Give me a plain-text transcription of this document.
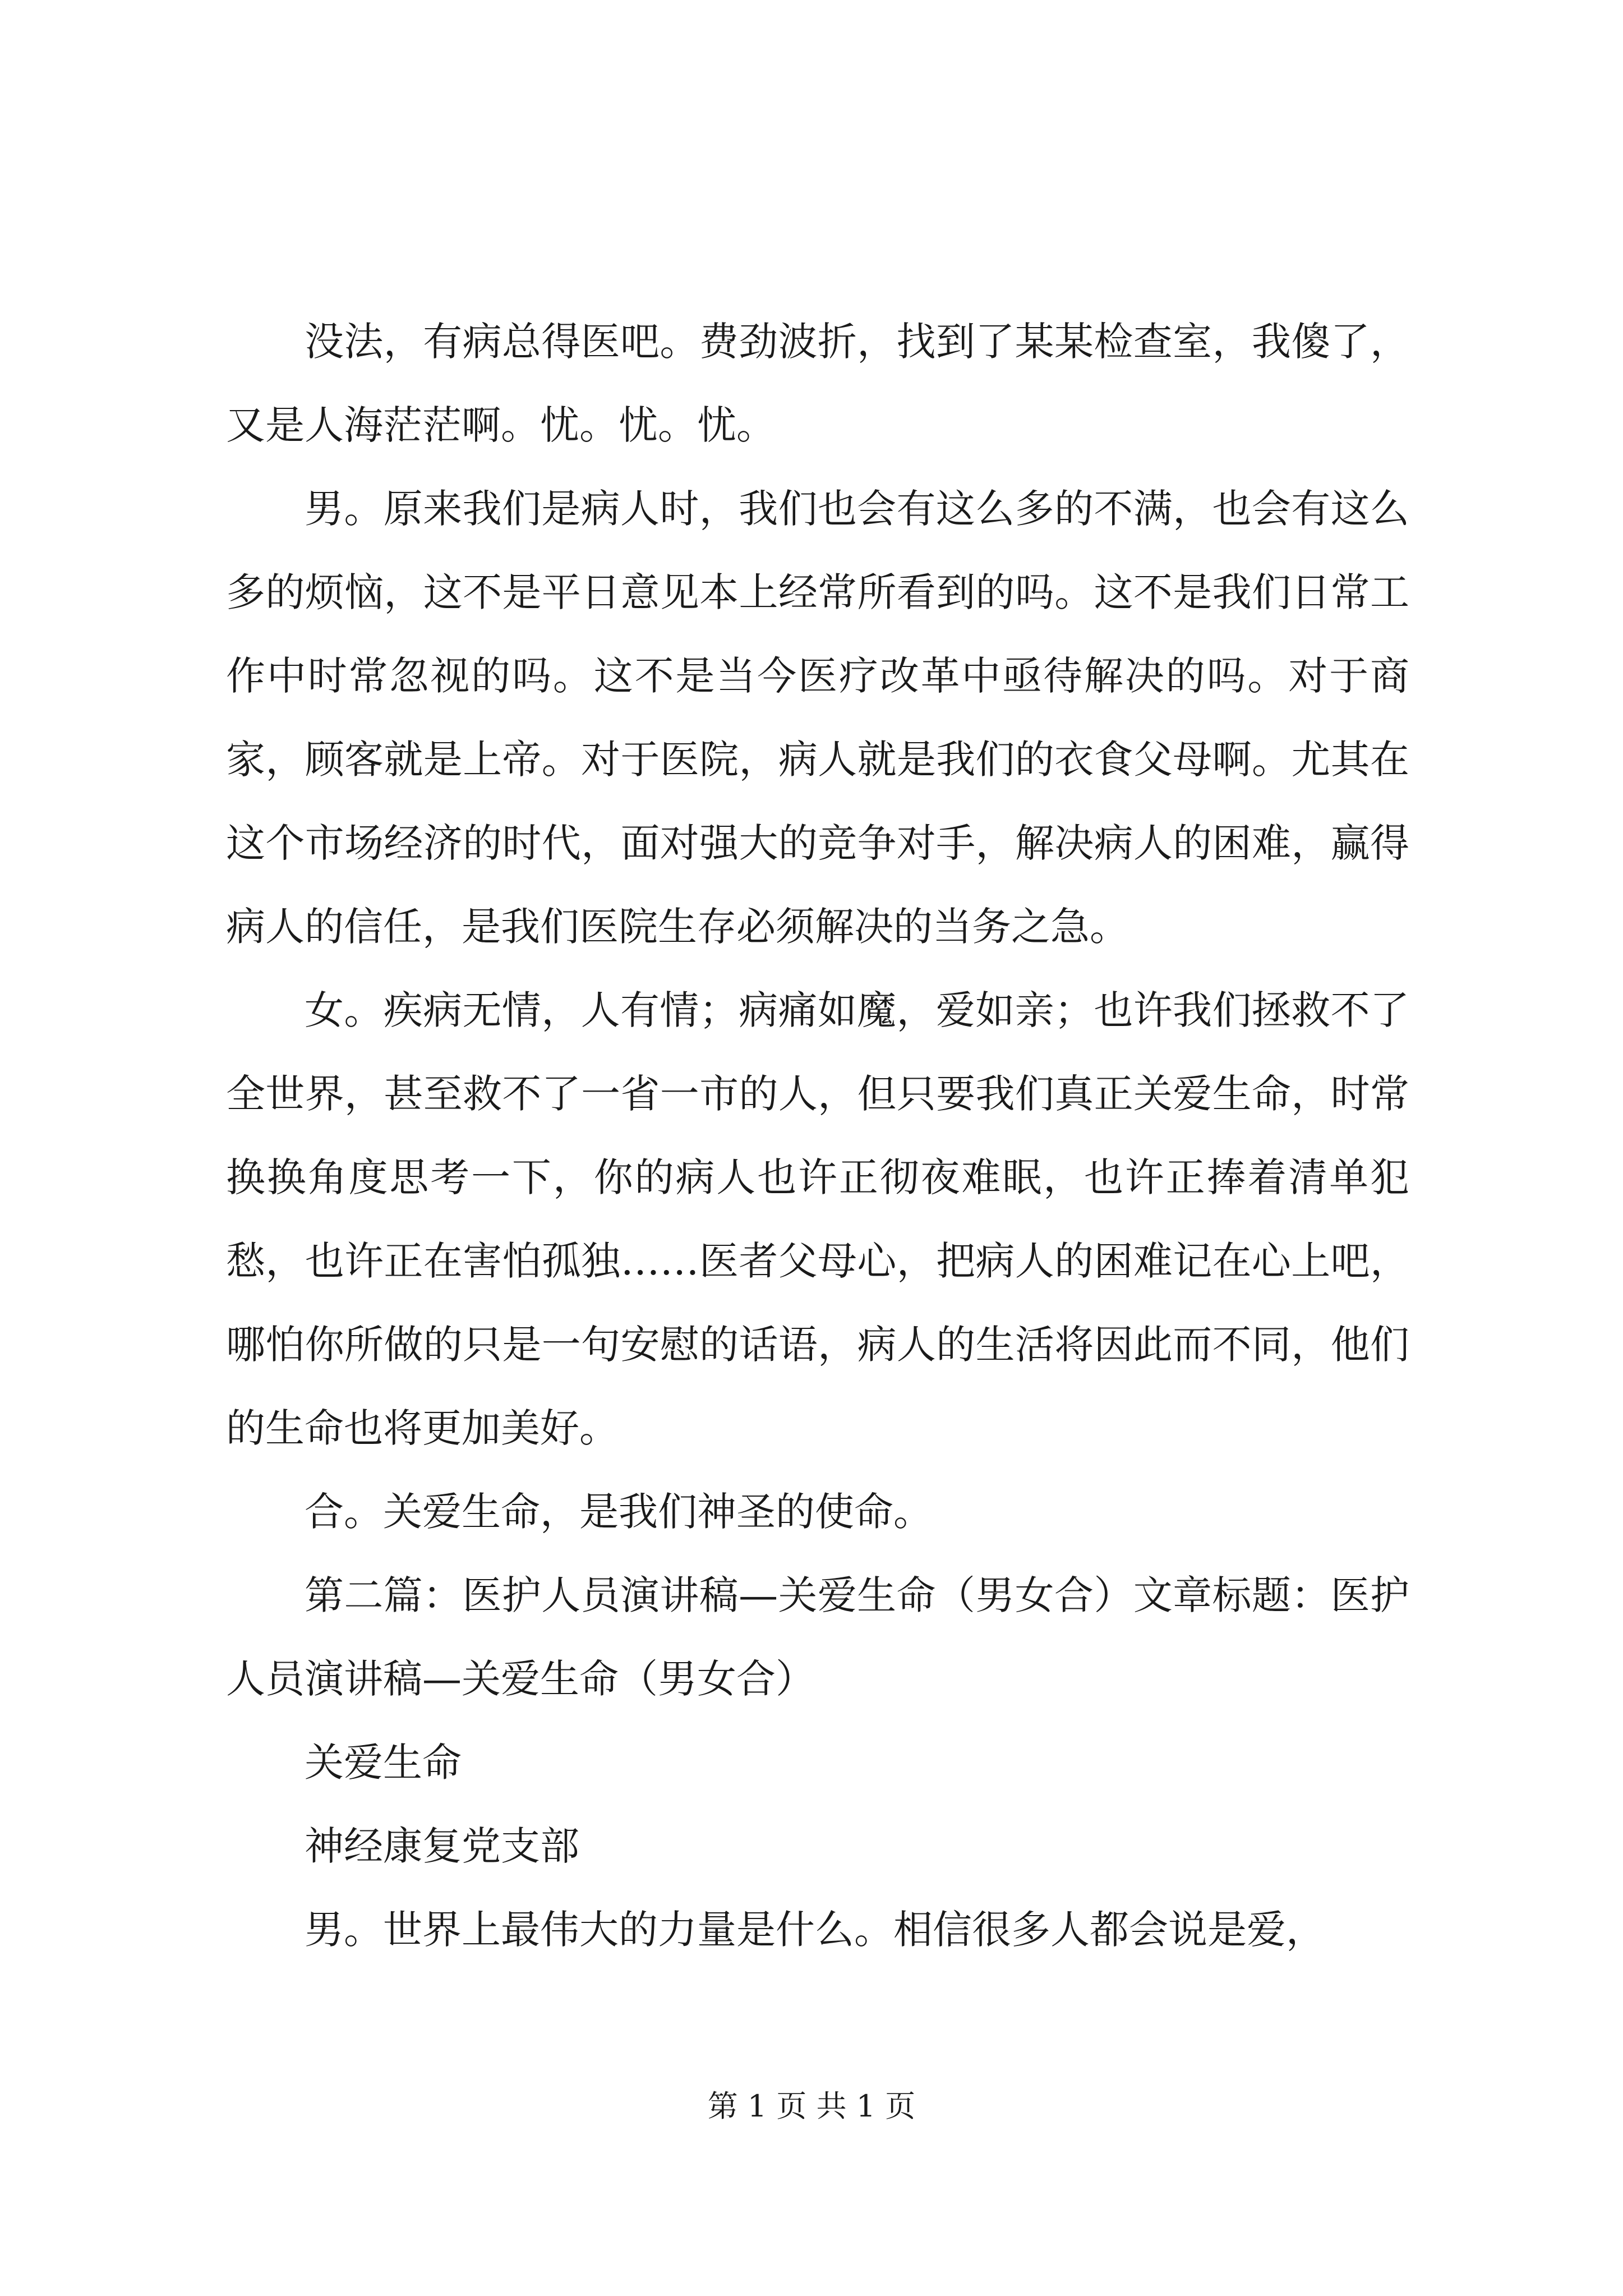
没法，有病总得医吧。费劲波折，找到了某某检查室，我傻了，又是人海茫茫啊。忧。忧。忧。

男。原来我们是病人时，我们也会有这么多的不满，也会有这么多的烦恼，这不是平日意见本上经常所看到的吗。这不是我们日常工作中时常忽视的吗。这不是当今医疗改革中亟待解决的吗。对于商家，顾客就是上帝。对于医院，病人就是我们的衣食父母啊。尤其在这个市场经济的时代，面对强大的竞争对手，解决病人的困难，赢得病人的信任，是我们医院生存必须解决的当务之急。

女。疾病无情，人有情；病痛如魔，爱如亲；也许我们拯救不了全世界，甚至救不了一省一市的人，但只要我们真正关爱生命，时常换换角度思考一下，你的病人也许正彻夜难眠，也许正捧着清单犯愁，也许正在害怕孤独……医者父母心，把病人的困难记在心上吧，哪怕你所做的只是一句安慰的话语，病人的生活将因此而不同，他们的生命也将更加美好。

合。关爱生命，是我们神圣的使命。

第二篇：医护人员演讲稿—关爱生命（男女合）文章标题：医护人员演讲稿—关爱生命（男女合）

关爱生命

神经康复党支部

男。世界上最伟大的力量是什么。相信很多人都会说是爱，

第 1 页 共 1 页
